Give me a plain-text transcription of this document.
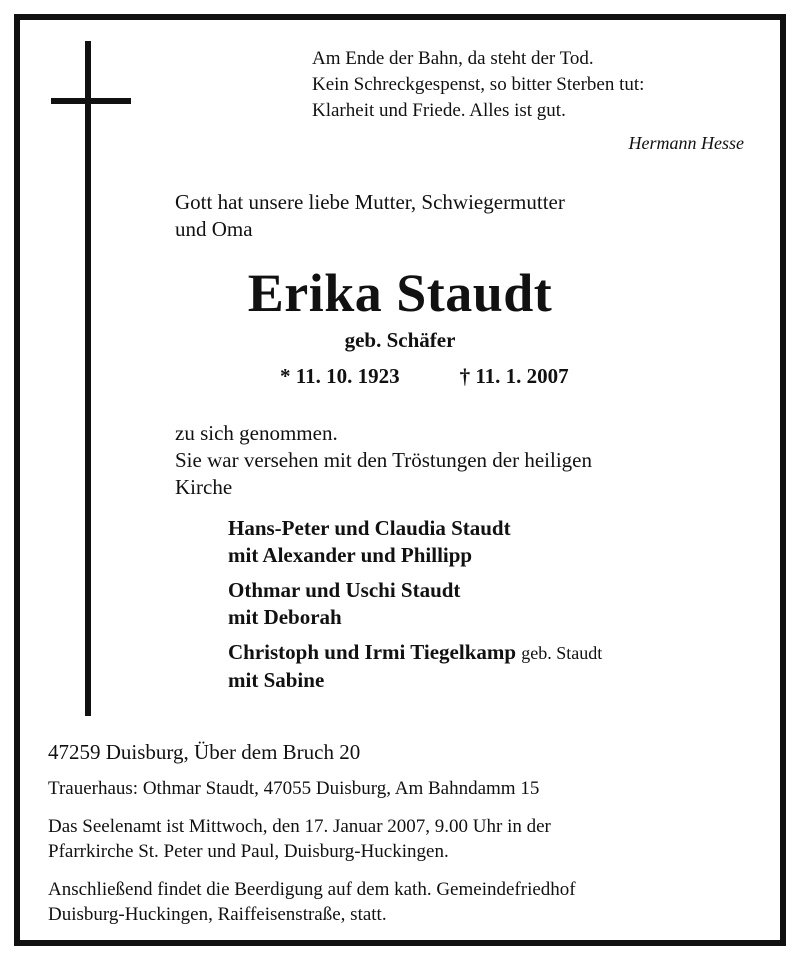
Am Ende der Bahn, da steht der Tod.
Kein Schreckgespenst, so bitter Sterben tut:
Klarheit und Friede. Alles ist gut.
Hermann Hesse
Gott hat unsere liebe Mutter, Schwiegermutter
und Oma
Erika Staudt
geb. Schäfer
* 11. 10. 1923	† 11. 1. 2007
zu sich genommen.
Sie war versehen mit den Tröstungen der heiligen
Kirche
Hans-Peter und Claudia Staudt
mit Alexander und Phillipp
Othmar und Uschi Staudt
mit Deborah
Christoph und Irmi Tiegelkamp geb. Staudt
mit Sabine
47259 Duisburg, Über dem Bruch 20
Trauerhaus: Othmar Staudt, 47055 Duisburg, Am Bahndamm 15
Das Seelenamt ist Mittwoch, den 17. Januar 2007, 9.00 Uhr in der
Pfarrkirche St. Peter und Paul, Duisburg-Huckingen.
Anschließend findet die Beerdigung auf dem kath. Gemeindefriedhof
Duisburg-Huckingen, Raiffeisenstraße, statt.
